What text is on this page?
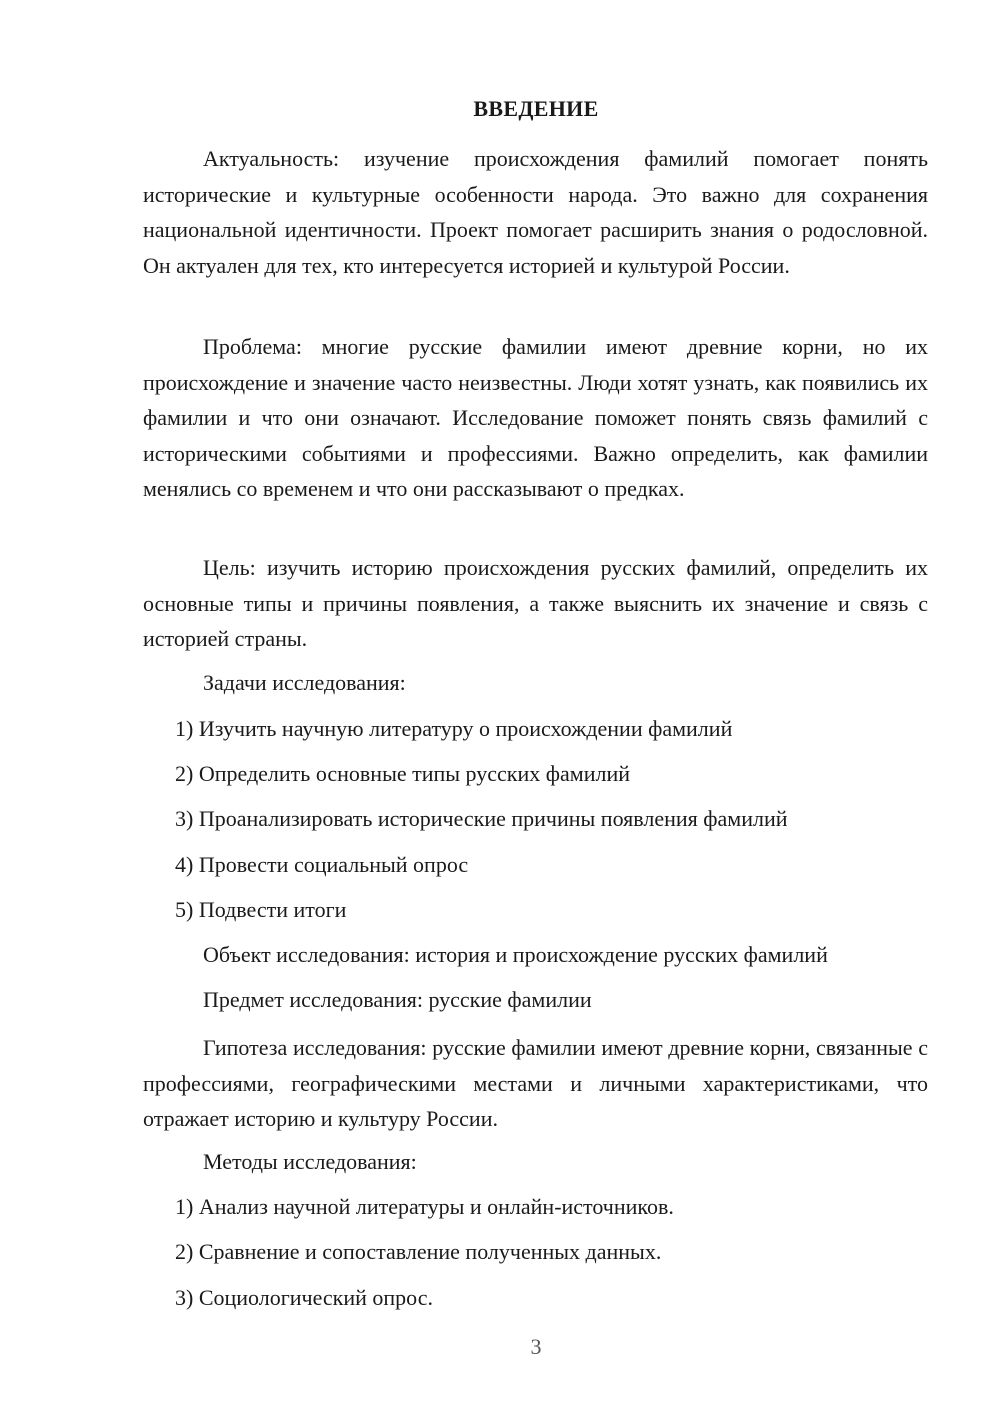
ВВЕДЕНИЕ

Актуальность: изучение происхождения фамилий помогает понять исторические и культурные особенности народа. Это важно для сохранения национальной идентичности. Проект помогает расширить знания о родословной. Он актуален для тех, кто интересуется историей и культурой России.

Проблема: многие русские фамилии имеют древние корни, но их происхождение и значение часто неизвестны. Люди хотят узнать, как появились их фамилии и что они означают. Исследование поможет понять связь фамилий с историческими событиями и профессиями. Важно определить, как фамилии менялись со временем и что они рассказывают о предках.

Цель: изучить историю происхождения русских фамилий, определить их основные типы и причины появления, а также выяснить их значение и связь с историей страны.

Задачи исследования:

1) Изучить научную литературу о происхождении фамилий

2) Определить основные типы русских фамилий

3) Проанализировать исторические причины появления фамилий

4) Провести социальный опрос

5) Подвести итоги

Объект исследования: история и происхождение русских фамилий

Предмет исследования: русские фамилии

Гипотеза исследования: русские фамилии имеют древние корни, связанные с профессиями, географическими местами и личными характеристиками, что отражает историю и культуру России.

Методы исследования:

1) Анализ научной литературы и онлайн-источников.

2) Сравнение и сопоставление полученных данных.

3) Социологический опрос.

3
